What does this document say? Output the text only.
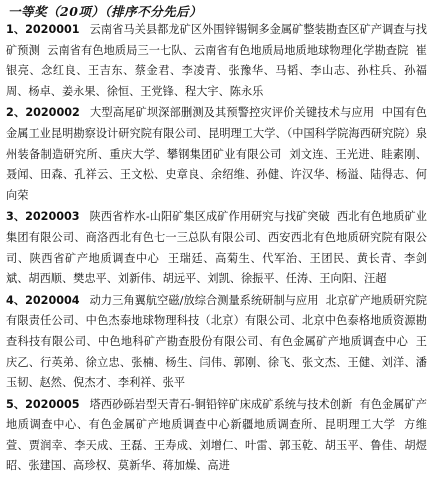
一等奖（20项）（排序不分先后）

1、2020001 云南省马关县都龙矿区外围锌锡铜多金属矿整装勘查区矿产调查与找矿预测 云南省有色地质局三一七队、云南省有色地质局地质地球物理化学勘查院 崔银亮、念红良、王吉东、蔡金君、李凌青、张豫华、马韬、李山志、孙柱兵、孙福周、杨卓、姜永果、徐恒、王党锋、程大宇、陈永乐

2、2020002 大型高尾矿坝深部删测及其预警控灾评价关键技术与应用 中国有色金属工业昆明勘察设计研究院有限公司、昆明理工大学、（中国科学院海西研究院）泉州装备制造研究所、重庆大学、攀钢集团矿业有限公司 刘文连、王光进、眭素刚、聂闻、田森、孔祥云、王文松、史章良、余绍维、孙健、许汉华、杨溢、陆得志、何向荣

3、2020003 陕西省柞水-山阳矿集区成矿作用研究与找矿突破 西北有色地质矿业集团有限公司、商洛西北有色七一三总队有限公司、西安西北有色地质研究院有限公司、陕西省矿产地质调查中心 王瑞廷、高菊生、代军治、王团民、黄长青、李剑斌、胡西顺、樊忠平、刘新伟、胡远平、刘凯、徐振平、任涛、王向阳、汪超

4、2020004 动力三角翼航空磁/放综合测量系统研制与应用 北京矿产地质研究院有限责任公司、中色杰泰地球物理科技（北京）有限公司、北京中色泰格地质资源勘查科技有限公司、中色地科矿产勘查股份有限公司、有色金属矿产地质调查中心 王庆乙、行英弟、徐立忠、张楠、杨生、闫伟、郭刚、徐飞、张文杰、王健、刘洋、潘玉韧、赵然、倪杰才、李利祥、张平

5、2020005 塔西砂砾岩型天青石-铜铅锌矿床成矿系统与技术创新 有色金属矿产地质调查中心、有色金属矿产地质调查中心新疆地质调查所、昆明理工大学 方维萱、贾润幸、李天成、王磊、王寿成、刘增仁、叶雷、郭玉乾、胡玉平、鲁佳、胡煜昭、张建国、高珍权、莫新华、蒋加燥、高进
